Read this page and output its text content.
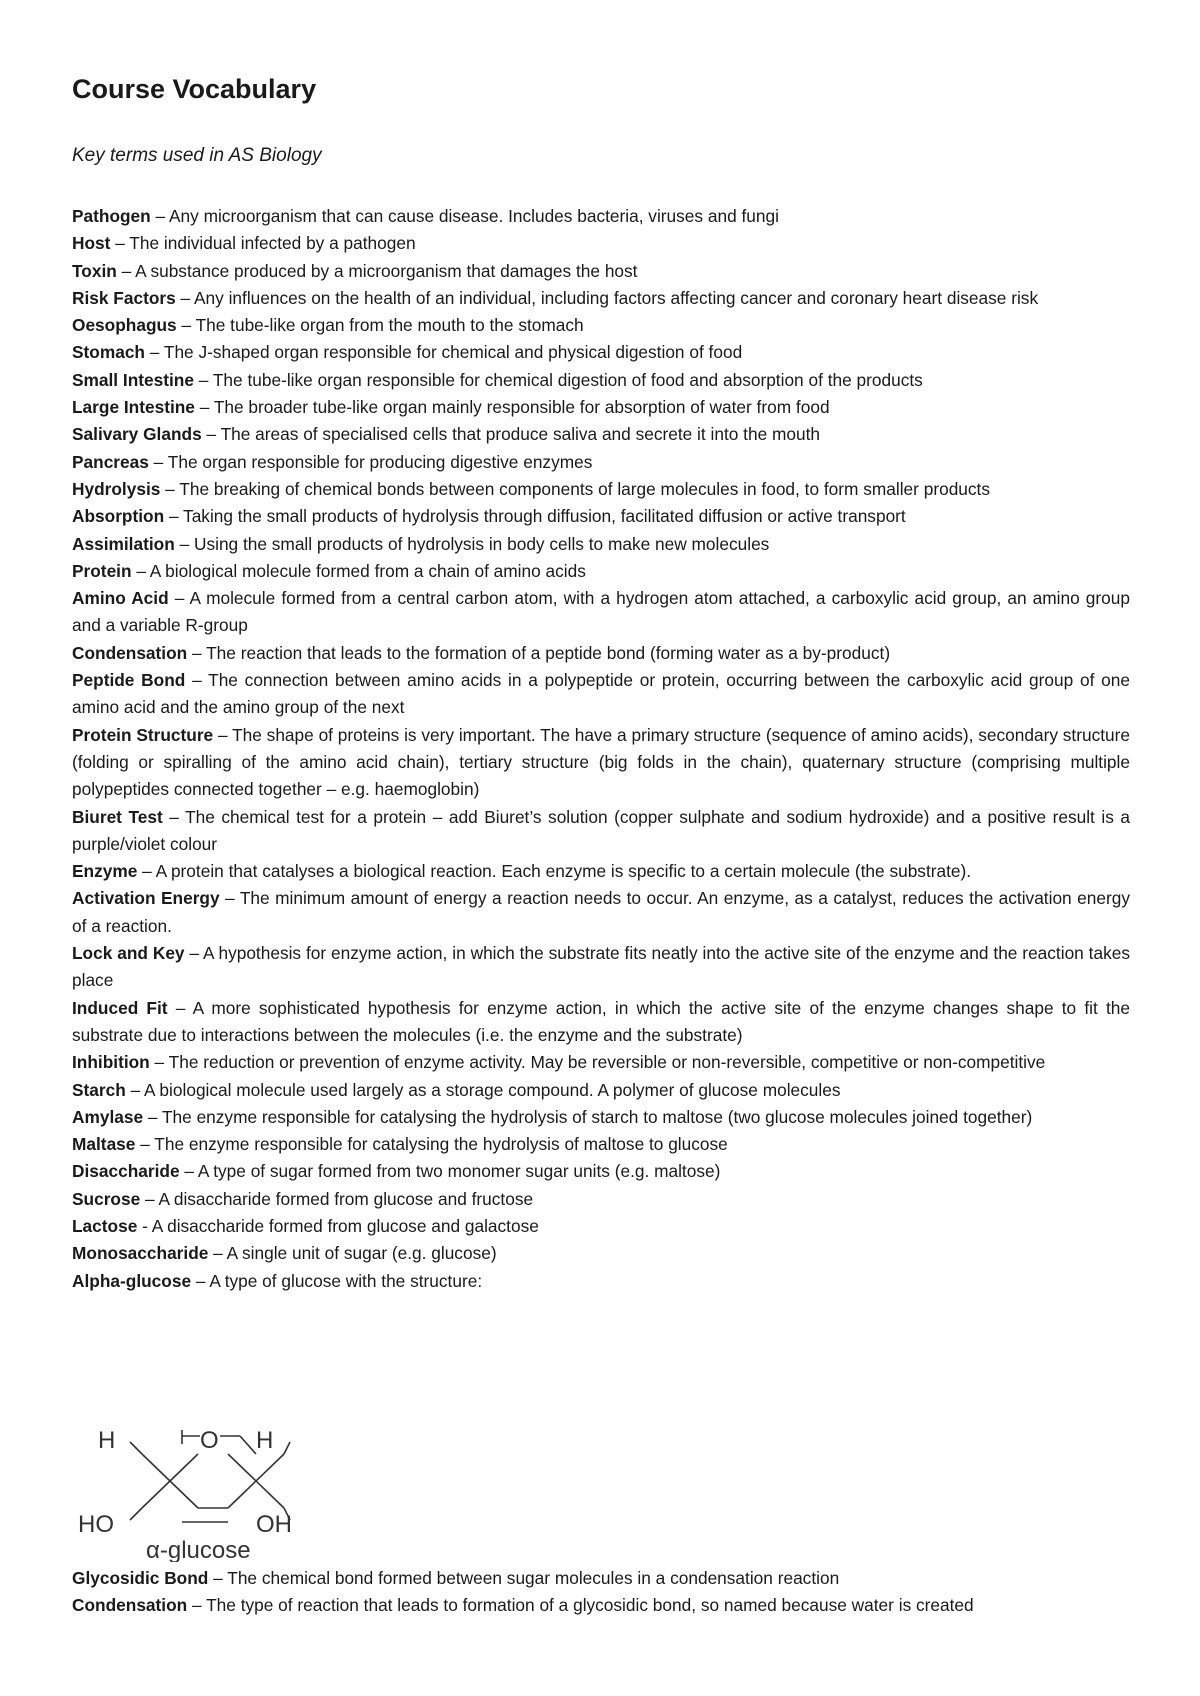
Course Vocabulary

Key terms used in AS Biology

Pathogen – Any microorganism that can cause disease. Includes bacteria, viruses and fungi
Host – The individual infected by a pathogen
Toxin – A substance produced by a microorganism that damages the host
Risk Factors – Any influences on the health of an individual, including factors affecting cancer and coronary heart disease risk
Oesophagus – The tube-like organ from the mouth to the stomach
Stomach – The J-shaped organ responsible for chemical and physical digestion of food
Small Intestine – The tube-like organ responsible for chemical digestion of food and absorption of the products
Large Intestine – The broader tube-like organ mainly responsible for absorption of water from food
Salivary Glands – The areas of specialised cells that produce saliva and secrete it into the mouth
Pancreas – The organ responsible for producing digestive enzymes
Hydrolysis – The breaking of chemical bonds between components of large molecules in food, to form smaller products
Absorption – Taking the small products of hydrolysis through diffusion, facilitated diffusion or active transport
Assimilation – Using the small products of hydrolysis in body cells to make new molecules
Protein – A biological molecule formed from a chain of amino acids
Amino Acid – A molecule formed from a central carbon atom, with a hydrogen atom attached, a carboxylic acid group, an amino group and a variable R-group
Condensation – The reaction that leads to the formation of a peptide bond (forming water as a by-product)
Peptide Bond – The connection between amino acids in a polypeptide or protein, occurring between the carboxylic acid group of one amino acid and the amino group of the next
Protein Structure – The shape of proteins is very important. The have a primary structure (sequence of amino acids), secondary structure (folding or spiralling of the amino acid chain), tertiary structure (big folds in the chain), quaternary structure (comprising multiple polypeptides connected together – e.g. haemoglobin)
Biuret Test – The chemical test for a protein – add Biuret’s solution (copper sulphate and sodium hydroxide) and a positive result is a purple/violet colour
Enzyme – A protein that catalyses a biological reaction. Each enzyme is specific to a certain molecule (the substrate).
Activation Energy – The minimum amount of energy a reaction needs to occur. An enzyme, as a catalyst, reduces the activation energy of a reaction.
Lock and Key – A hypothesis for enzyme action, in which the substrate fits neatly into the active site of the enzyme and the reaction takes place
Induced Fit – A more sophisticated hypothesis for enzyme action, in which the active site of the enzyme changes shape to fit the substrate due to interactions between the molecules (i.e. the enzyme and the substrate)
Inhibition – The reduction or prevention of enzyme activity. May be reversible or non-reversible, competitive or non-competitive
Starch – A biological molecule used largely as a storage compound. A polymer of glucose molecules
Amylase – The enzyme responsible for catalysing the hydrolysis of starch to maltose (two glucose molecules joined together)
Maltase – The enzyme responsible for catalysing the hydrolysis of maltose to glucose
Disaccharide – A type of sugar formed from two monomer sugar units (e.g. maltose)
Sucrose – A disaccharide formed from glucose and fructose
Lactose - A disaccharide formed from glucose and galactose
Monosaccharide – A single unit of sugar (e.g. glucose)
Alpha-glucose – A type of glucose with the structure:
H	O H
HO	OH
α-glucose
Glycosidic Bond – The chemical bond formed between sugar molecules in a condensation reaction
Condensation – The type of reaction that leads to formation of a glycosidic bond, so named because water is created
